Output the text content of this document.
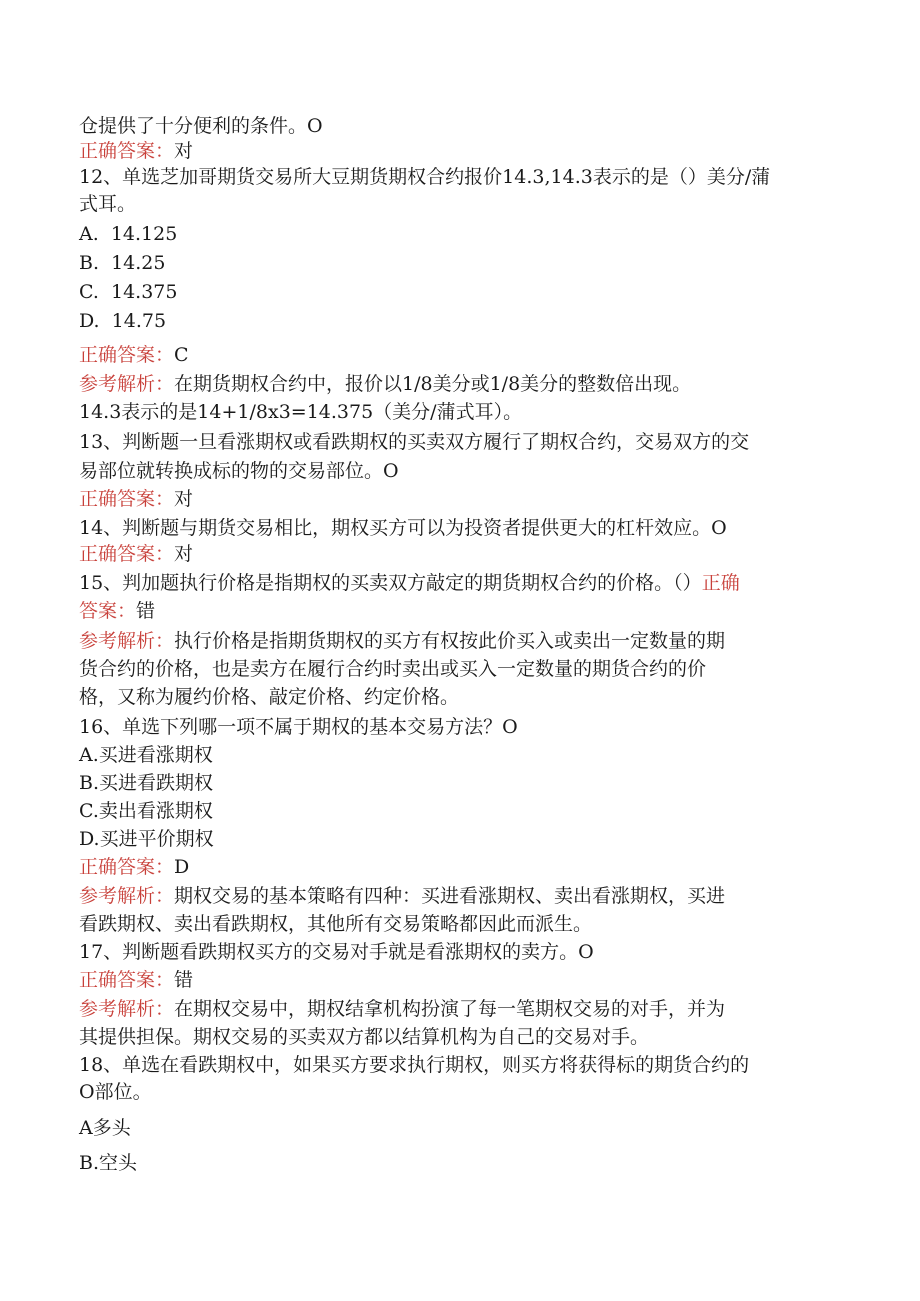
仓提供了十分便利的条件。O
正确答案：对
12、单选芝加哥期货交易所大豆期货期权合约报价14.3,14.3表示的是（）美分/蒲
式耳。
A.  14.125
B.  14.25
C.  14.375
D.  14.75
正确答案：C
参考解析：在期货期权合约中，报价以1/8美分或1/8美分的整数倍出现。
14.3表示的是14+1/8x3=14.375（美分/蒲式耳）。
13、判断题一旦看涨期权或看跌期权的买卖双方履行了期权合约，交易双方的交
易部位就转换成标的物的交易部位。O
正确答案：对
14、判断题与期货交易相比，期权买方可以为投资者提供更大的杠杆效应。O
正确答案：对
15、判加题执行价格是指期权的买卖双方敲定的期货期权合约的价格。（）正确
答案：错
参考解析：执行价格是指期货期权的买方有权按此价买入或卖出一定数量的期
货合约的价格，也是卖方在履行合约时卖出或买入一定数量的期货合约的价
格，又称为履约价格、敲定价格、约定价格。
16、单选下列哪一项不属于期权的基本交易方法？O
A.买进看涨期权
B.买进看跌期权
C.卖出看涨期权
D.买进平价期权
正确答案：D
参考解析：期权交易的基本策略有四种：买进看涨期权、卖出看涨期权，买进
看跌期权、卖出看跌期权，其他所有交易策略都因此而派生。
17、判断题看跌期权买方的交易对手就是看涨期权的卖方。O
正确答案：错
参考解析：在期权交易中，期权结拿机构扮演了每一笔期权交易的对手，并为
其提供担保。期权交易的买卖双方都以结算机构为自己的交易对手。
18、单选在看跌期权中，如果买方要求执行期权，则买方将获得标的期货合约的
O部位。
A多头
B.空头
